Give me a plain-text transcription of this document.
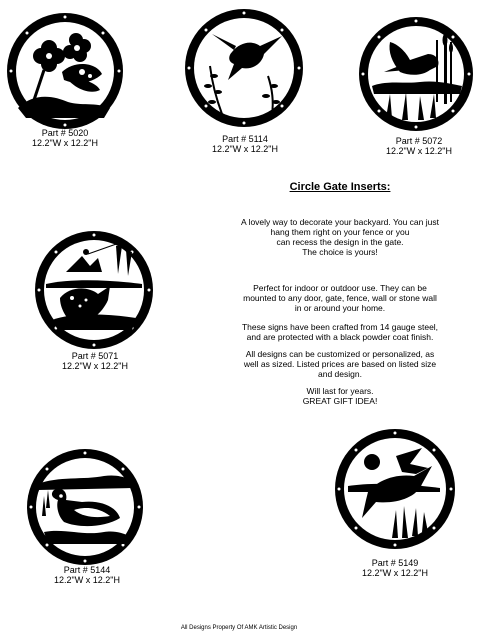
Part # 5020
12.2"W x 12.2"H	Part # 5114
12.2"W x 12.2"H
Part # 5072
12.2"W x 12.2"H
Circle Gate Inserts:
A lovely way to decorate your backyard. You can just
hang them right on your fence or you
can recess the design in the gate.
The choice is yours!
Perfect for indoor or outdoor use. They can be
mounted to any door, gate, fence, wall or stone wall
in or around your home.
These signs have been crafted from 14 gauge steel,
and are protected with a black powder coat finish.
All designs can be customized or personalized, as
well as sized. Listed prices are based on listed size
and design.
Will last for years.
GREAT GIFT IDEA!
Part # 5071
12.2"W x 12.2"H
Part # 5144
12.2"W x 12.2"H
Part # 5149
12.2"W x 12.2"H
All Designs Property Of AMK Artistic Design
